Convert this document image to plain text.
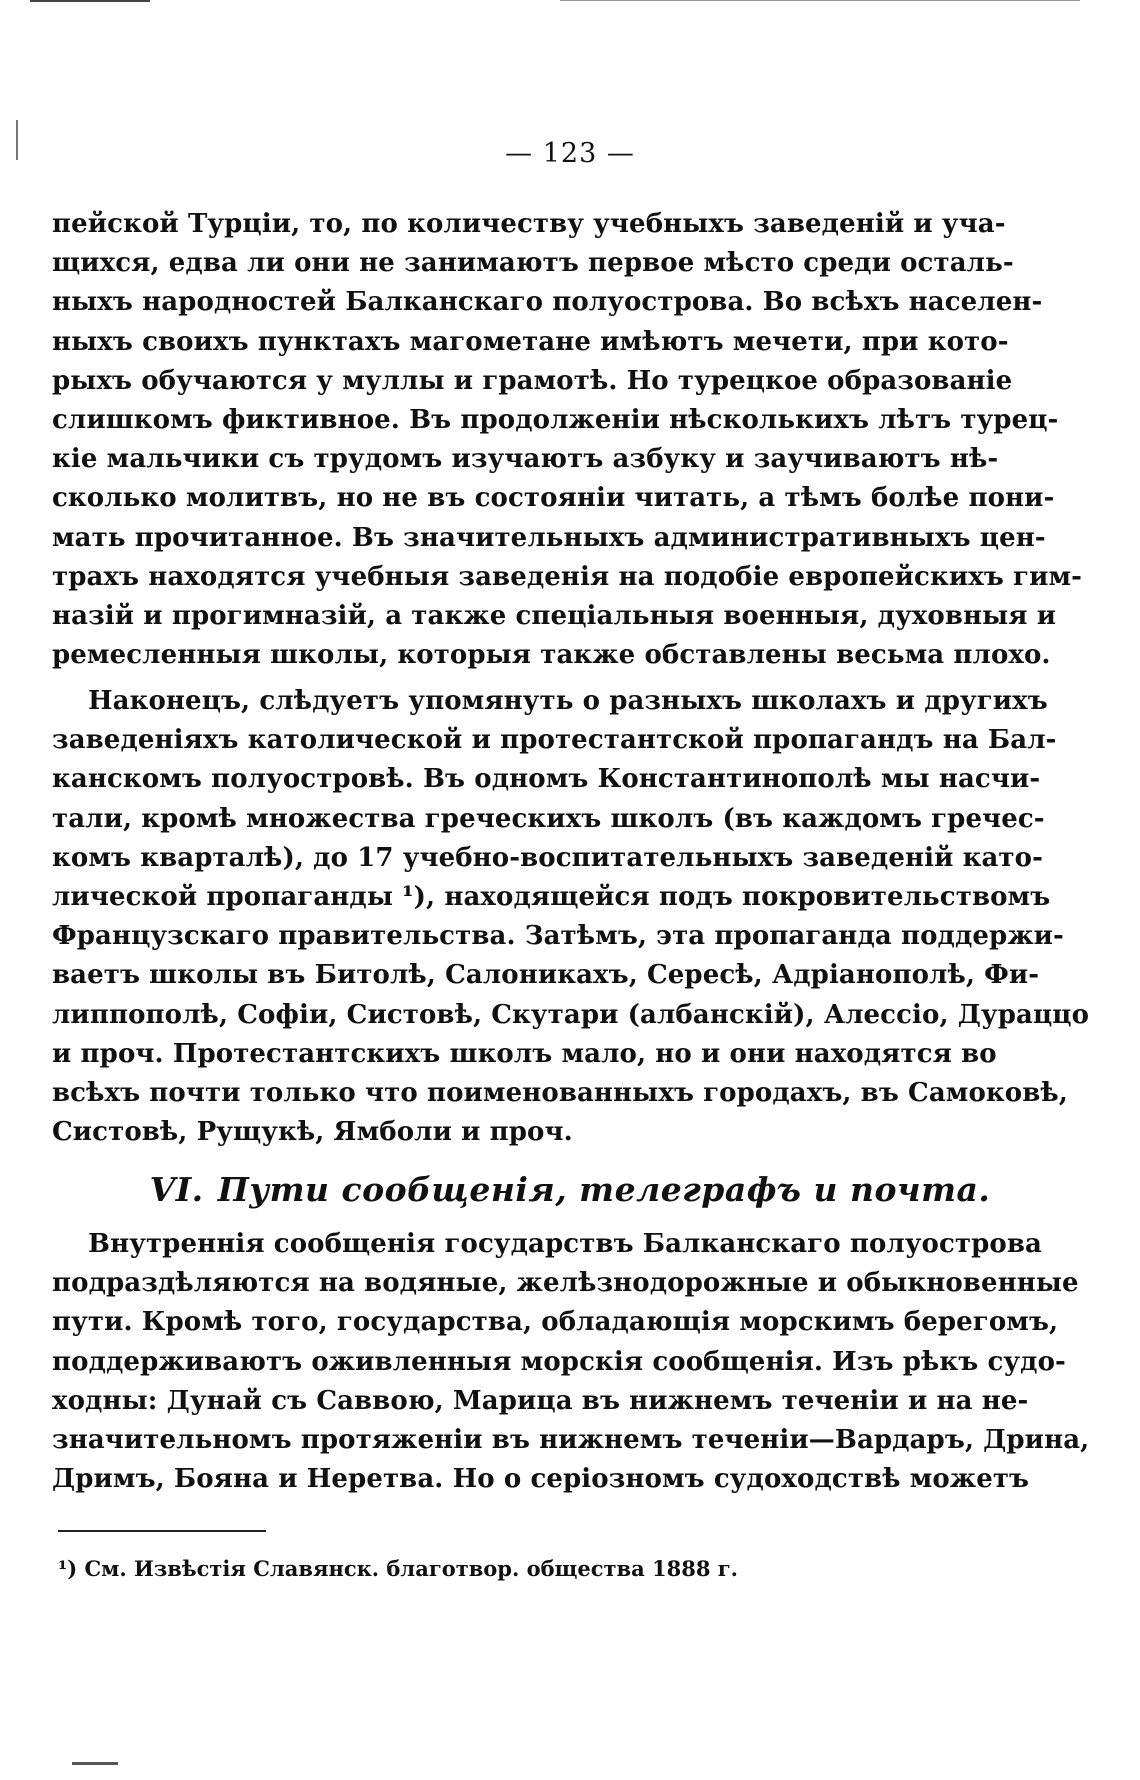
— 123 —
пейской Турціи, то, по количеству учебныхъ заведеній и уча-
щихся, едва ли они не занимаютъ первое мѣсто среди осталь-
ныхъ народностей Балканскаго полуострова. Во всѣхъ населен-
ныхъ своихъ пунктахъ магометане имѣютъ мечети, при кото-
рыхъ обучаются у муллы и грамотѣ. Но турецкое образованіе
слишкомъ фиктивное. Въ продолженіи нѣсколькихъ лѣтъ турец-
кіе мальчики съ трудомъ изучаютъ азбуку и заучиваютъ нѣ-
сколько молитвъ, но не въ состояніи читать, а тѣмъ болѣе пони-
мать прочитанное. Въ значительныхъ административныхъ цен-
трахъ находятся учебныя заведенія на подобіе европейскихъ гим-
назій и прогимназій, а также спеціальныя военныя, духовныя и
ремесленныя школы, которыя также обставлены весьма плохо.
Наконецъ, слѣдуетъ упомянуть о разныхъ школахъ и другихъ
заведеніяхъ католической и протестантской пропагандъ на Бал-
канскомъ полуостровѣ. Въ одномъ Константинополѣ мы насчи-
тали, кромѣ множества греческихъ школъ (въ каждомъ гречес-
комъ кварталѣ), до 17 учебно-воспитательныхъ заведеній като-
лической пропаганды ¹), находящейся подъ покровительствомъ
Французскаго правительства. Затѣмъ, эта пропаганда поддержи-
ваетъ школы въ Битолѣ, Салоникахъ, Сересѣ, Адріанополѣ, Фи-
липпополѣ, Софіи, Систовѣ, Скутари (албанскій), Алессіо, Дураццо
и проч. Протестантскихъ школъ мало, но и они находятся во
всѣхъ почти только что поименованныхъ городахъ, въ Самоковѣ,
Систовѣ, Рущукѣ, Ямболи и проч.
VI. Пути сообщенія, телеграфъ и почта.
Внутреннія сообщенія государствъ Балканскаго полуострова
подраздѣляются на водяные, желѣзнодорожные и обыкновенные
пути. Кромѣ того, государства, обладающія морскимъ берегомъ,
поддерживаютъ оживленныя морскія сообщенія. Изъ рѣкъ судо-
ходны: Дунай съ Саввою, Марица въ нижнемъ теченіи и на не-
значительномъ протяженіи въ нижнемъ теченіи—Вардаръ, Дрина,
Дримъ, Бояна и Неретва. Но о серіозномъ судоходствѣ можетъ
¹) См. Извѣстія Славянск. благотвор. общества 1888 г.
